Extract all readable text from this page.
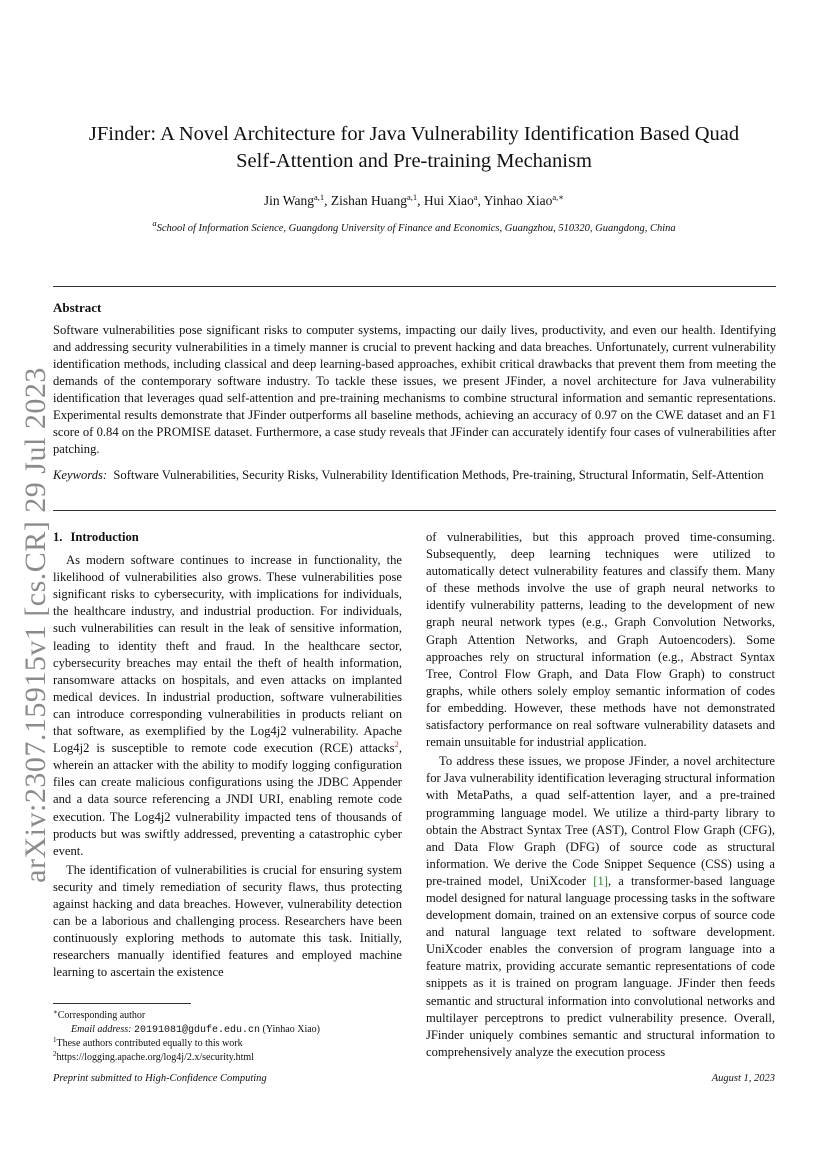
arXiv:2307.15915v1 [cs.CR] 29 Jul 2023
JFinder: A Novel Architecture for Java Vulnerability Identification Based Quad
Self-Attention and Pre-training Mechanism
Jin Wang$^{a,1}$, Zishan Huang$^{a,1}$, Hui Xiao$^a$, Yinhao Xiao$^{a,∗}$
$^a$School of Information Science, Guangdong University of Finance and Economics, Guangzhou, 510320, Guangdong, China
Abstract
Software vulnerabilities pose significant risks to computer systems, impacting our daily lives, productivity, and even our health. Identifying and addressing security vulnerabilities in a timely manner is crucial to prevent hacking and data breaches. Unfortunately, current vulnerability identification methods, including classical and deep learning-based approaches, exhibit critical drawbacks that prevent them from meeting the demands of the contemporary software industry. To tackle these issues, we present JFinder, a novel architecture for Java vulnerability identification that leverages quad self-attention and pre-training mechanisms to combine structural information and semantic representations. Experimental results demonstrate that JFinder outperforms all baseline methods, achieving an accuracy of 0.97 on the CWE dataset and an F1 score of 0.84 on the PROMISE dataset. Furthermore, a case study reveals that JFinder can accurately identify four cases of vulnerabilities after patching.
Keywords: Software Vulnerabilities, Security Risks, Vulnerability Identification Methods, Pre-training, Structural Informatin, Self-Attention
1. Introduction

As modern software continues to increase in functionality, the likelihood of vulnerabilities also grows. These vulnerabilities pose significant risks to cybersecurity, with implications for individuals, the healthcare industry, and industrial production. For individuals, such vulnerabilities can result in the leak of sensitive information, leading to identity theft and fraud. In the healthcare sector, cybersecurity breaches may entail the theft of health information, ransomware attacks on hospitals, and even attacks on implanted medical devices. In industrial production, software vulnerabilities can introduce corresponding vulnerabilities in products reliant on that software, as exemplified by the Log4j2 vulnerability. Apache Log4j2 is susceptible to remote code execution (RCE) attacks$^2$, wherein an attacker with the ability to modify logging configuration files can create malicious configurations using the JDBC Appender and a data source referencing a JNDI URI, enabling remote code execution. The Log4j2 vulnerability impacted tens of thousands of products but was swiftly addressed, preventing a catastrophic cyber event.

The identification of vulnerabilities is crucial for ensuring system security and timely remediation of security flaws, thus protecting against hacking and data breaches. However, vulnerability detection can be a laborious and challenging process. Researchers have been continuously exploring methods to automate this task. Initially, researchers manually identified features and employed machine learning to ascertain the existence

of vulnerabilities, but this approach proved time-consuming. Subsequently, deep learning techniques were utilized to automatically detect vulnerability features and classify them. Many of these methods involve the use of graph neural networks to identify vulnerability patterns, leading to the development of new graph neural network types (e.g., Graph Convolution Networks, Graph Attention Networks, and Graph Autoencoders). Some approaches rely on structural information (e.g., Abstract Syntax Tree, Control Flow Graph, and Data Flow Graph) to construct graphs, while others solely employ semantic information of codes for embedding. However, these methods have not demonstrated satisfactory performance on real software vulnerability datasets and remain unsuitable for industrial application.

To address these issues, we propose JFinder, a novel architecture for Java vulnerability identification leveraging structural information with MetaPaths, a quad self-attention layer, and a pre-trained programming language model. We utilize a third-party library to obtain the Abstract Syntax Tree (AST), Control Flow Graph (CFG), and Data Flow Graph (DFG) of source code as structural information. We derive the Code Snippet Sequence (CSS) using a pre-trained model, UniXcoder [1], a transformer-based language model designed for natural language processing tasks in the software development domain, trained on an extensive corpus of source code and natural language text related to software development. UniXcoder enables the conversion of program language into a feature matrix, providing accurate semantic representations of code snippets as it is trained on program language. JFinder then feeds semantic and structural information into convolutional networks and multilayer perceptrons to predict vulnerability presence. Overall, JFinder uniquely combines semantic and structural information to comprehensively analyze the execution process

∗Corresponding author
Email address: 20191081@gdufe.edu.cn (Yinhao Xiao)
$^1$These authors contributed equally to this work
$^2$https://logging.apache.org/log4j/2.x/security.html
Preprint submitted to High-Confidence Computing	August 1, 2023
